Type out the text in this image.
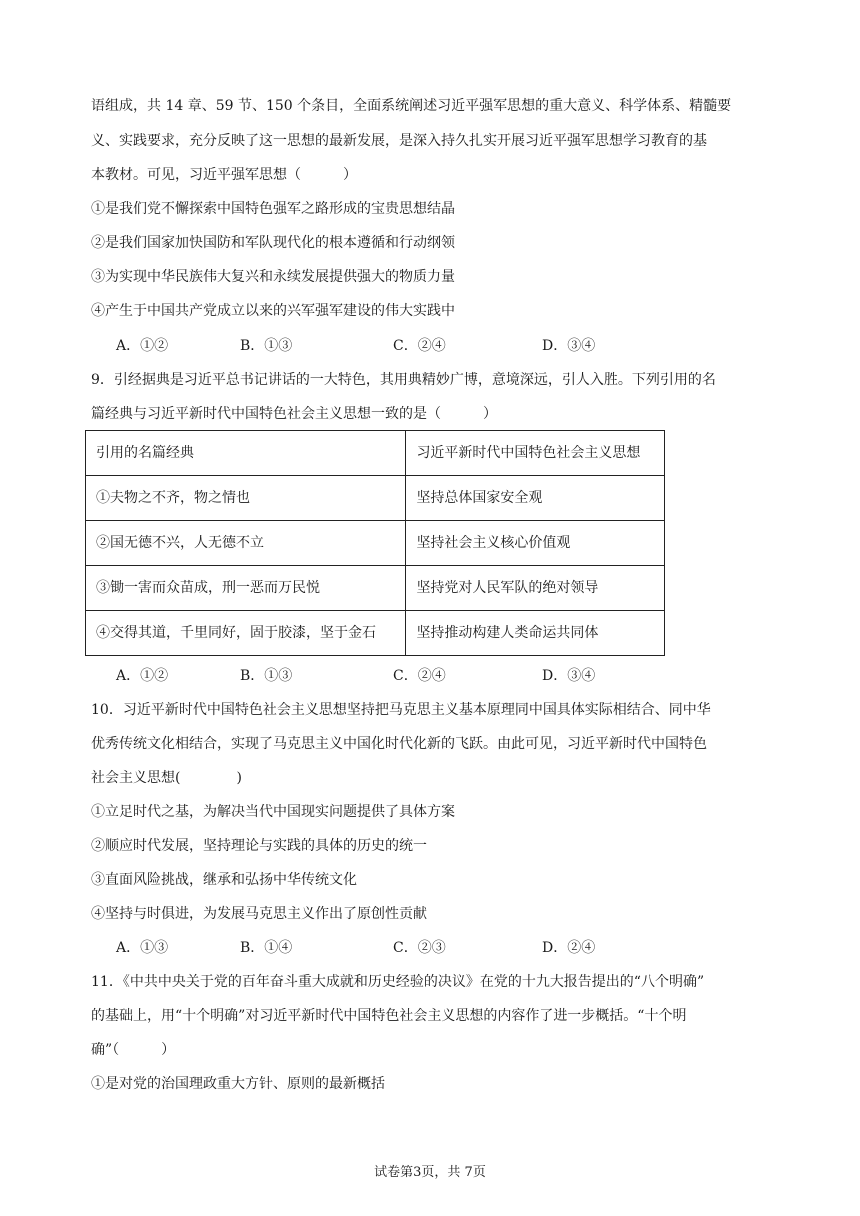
语组成，共 14 章、59 节、150 个条目，全面系统阐述习近平强军思想的重大意义、科学体系、精髓要
义、实践要求，充分反映了这一思想的最新发展，是深入持久扎实开展习近平强军思想学习教育的基
本教材。可见，习近平强军思想（　　　）
①是我们党不懈探索中国特色强军之路形成的宝贵思想结晶
②是我们国家加快国防和军队现代化的根本遵循和行动纲领
③为实现中华民族伟大复兴和永续发展提供强大的物质力量
④产生于中国共产党成立以来的兴军强军建设的伟大实践中
A．①②	B．①③	C．②④	D．③④
9．引经据典是习近平总书记讲话的一大特色，其用典精妙广博，意境深远，引人入胜。下列引用的名
篇经典与习近平新时代中国特色社会主义思想一致的是（　　　）
引用的名篇经典	习近平新时代中国特色社会主义思想
①夫物之不齐，物之情也	坚持总体国家安全观
②国无德不兴，人无德不立	坚持社会主义核心价值观
③锄一害而众苗成，刑一恶而万民悦	坚持党对人民军队的绝对领导
④交得其道，千里同好，固于胶漆，坚于金石	坚持推动构建人类命运共同体
A．①②	B．①③	C．②④	D．③④
10．习近平新时代中国特色社会主义思想坚持把马克思主义基本原理同中国具体实际相结合、同中华
优秀传统文化相结合，实现了马克思主义中国化时代化新的飞跃。由此可见，习近平新时代中国特色
社会主义思想(　　　　)
①立足时代之基，为解决当代中国现实问题提供了具体方案
②顺应时代发展，坚持理论与实践的具体的历史的统一
③直面风险挑战，继承和弘扬中华传统文化
④坚持与时俱进，为发展马克思主义作出了原创性贡献
A．①③	B．①④	C．②③	D．②④
11．《中共中央关于党的百年奋斗重大成就和历史经验的决议》在党的十九大报告提出的“八个明确”
的基础上，用“十个明确”对习近平新时代中国特色社会主义思想的内容作了进一步概括。“十个明
确”（　　　）
①是对党的治国理政重大方针、原则的最新概括
试卷第3页，共 7页
